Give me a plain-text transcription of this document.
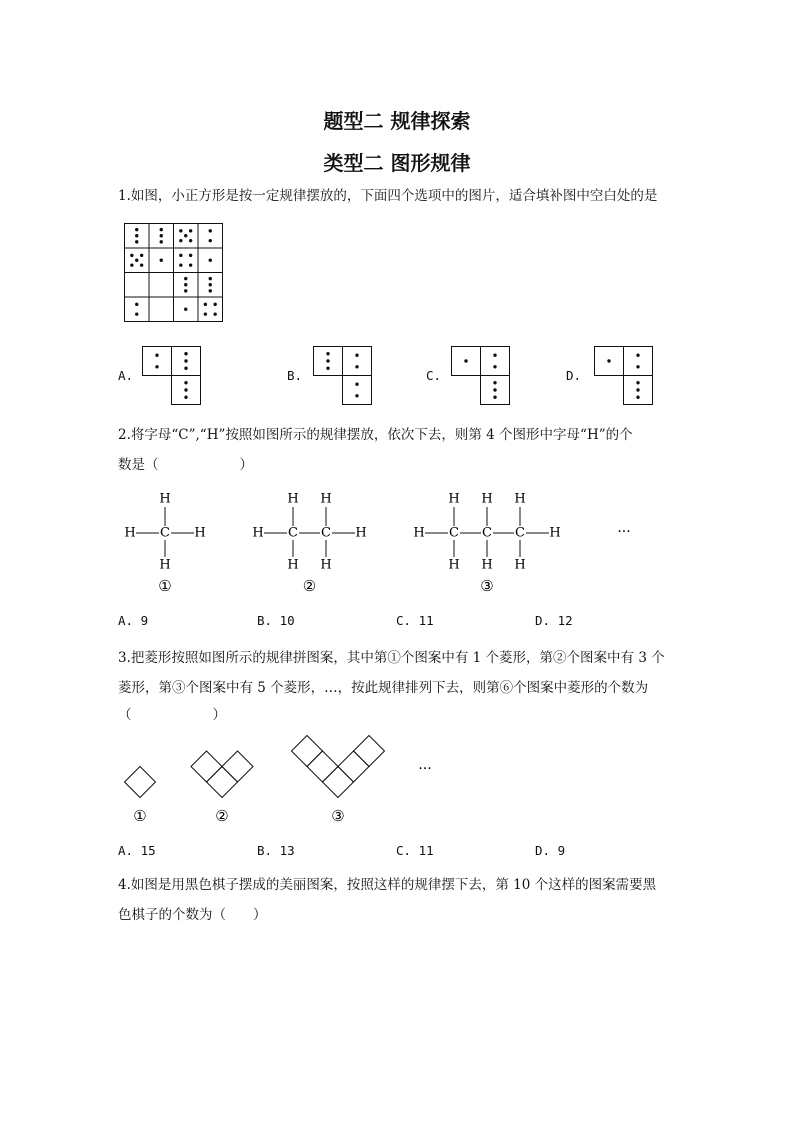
题型二 规律探索
类型二 图形规律
1.如图，小正方形是按一定规律摆放的，下面四个选项中的图片，适合填补图中空白处的是
A.	B.	C.	D.
2.将字母“C”,“H”按照如图所示的规律摆放，依次下去，则第 4 个图形中字母“H”的个
数是（　　　　　　）
H C
H
H
H
①
H C
H
H
C
H
H
H
②
H C
H
H
C
H
H
C
H
H
H
③
···
A. 9	B. 10	C. 11	D. 12
3.把菱形按照如图所示的规律拼图案，其中第①个图案中有 1 个菱形，第②个图案中有 3 个
菱形，第③个图案中有 5 个菱形，…，按此规律排列下去，则第⑥个图案中菱形的个数为
（　　　　　　）
①	②	③
···
A. 15	B. 13	C. 11	D. 9
4.如图是用黑色棋子摆成的美丽图案，按照这样的规律摆下去，第 10 个这样的图案需要黑
色棋子的个数为（　　）
